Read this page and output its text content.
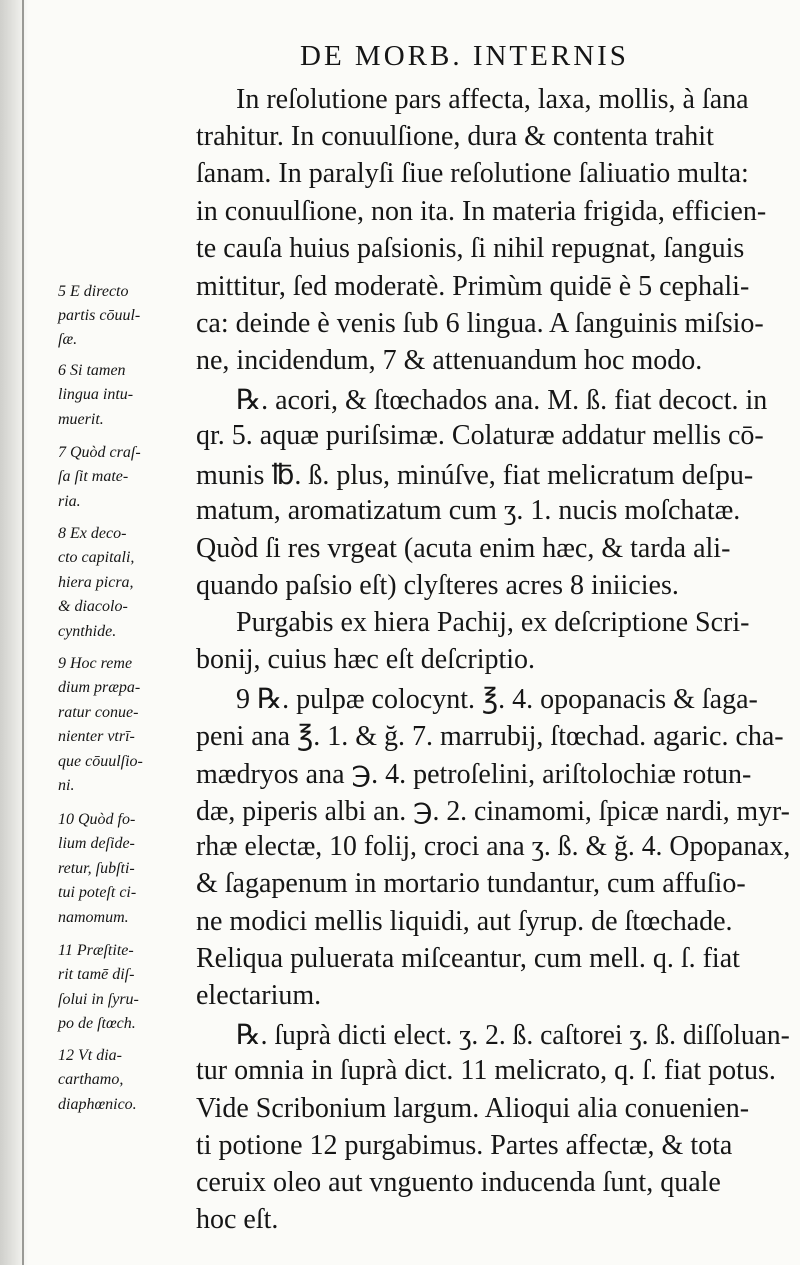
DE MORB. INTERNIS
In reſolutione pars affecta, laxa, mollis, à ſana
trahitur. In conuulſione, dura & contenta trahit
ſanam. In paralyſi ſiue reſolutione ſaliuatio multa:
in conuulſione, non ita. In materia frigida, efficien-
te cauſa huius paſsionis, ſi nihil repugnat, ſanguis
mittitur, ſed moderatè. Primùm quidē è 5 cephali-
ca: deinde è venis ſub 6 lingua. A ſanguinis miſsio-
ne, incidendum, 7 & attenuandum hoc modo.
℞. acori, & ſtœchados ana. M. ß. fiat decoct. in
qr. 5. aquæ puriſsimæ. Colaturæ addatur mellis cō-
munis ℔. ß. plus, minúſve, fiat melicratum deſpu-
matum, aromatizatum cum ʒ. 1. nucis moſchatæ.
Quòd ſi res vrgeat (acuta enim hæc, & tarda ali-
quando paſsio eſt) clyſteres acres 8 iniicies.
Purgabis ex hiera Pachij, ex deſcriptione Scri-
bonij, cuius hæc eſt deſcriptio.
9 ℞. pulpæ colocynt. ℥. 4. opopanacis & ſaga-
peni ana ℥. 1. & ğ. 7. marrubij, ſtœchad. agaric. cha-
mædryos ana ℈. 4. petroſelini, ariſtolochiæ rotun-
dæ, piperis albi an. ℈. 2. cinamomi, ſpicæ nardi, myr-
rhæ electæ, 10 folij, croci ana ʒ. ß. & ğ. 4. Opopanax,
& ſagapenum in mortario tundantur, cum affuſio-
ne modici mellis liquidi, aut ſyrup. de ſtœchade.
Reliqua puluerata miſceantur, cum mell. q. ſ. fiat
electarium.
℞. ſuprà dicti elect. ʒ. 2. ß. caſtorei ʒ. ß. diſſoluan-
tur omnia in ſuprà dict. 11 melicrato, q. ſ. fiat potus.
Vide Scribonium largum. Alioqui alia conuenien-
ti potione 12 purgabimus. Partes affectæ, & tota
ceruix oleo aut vnguento inducenda ſunt, quale
hoc eſt.
5 E directo
partis cōuul-
ſæ.
6 Si tamen
lingua intu-
muerit.
7 Quòd craſ-
ſa ſit mate-
ria.
8 Ex deco-
cto capitali,
hiera picra,
& diacolo-
cynthide.
9 Hoc reme
dium præpa-
ratur conue-
nienter vtrī-
que cōuulſio-
ni.
10 Quòd fo-
lium deſide-
retur, ſubſti-
tui poteſt ci-
namomum.
11 Præſtite-
rit tamē diſ-
ſolui in ſyru-
po de ſtœch.
12 Vt dia-
carthamo,
diaphœnico.
